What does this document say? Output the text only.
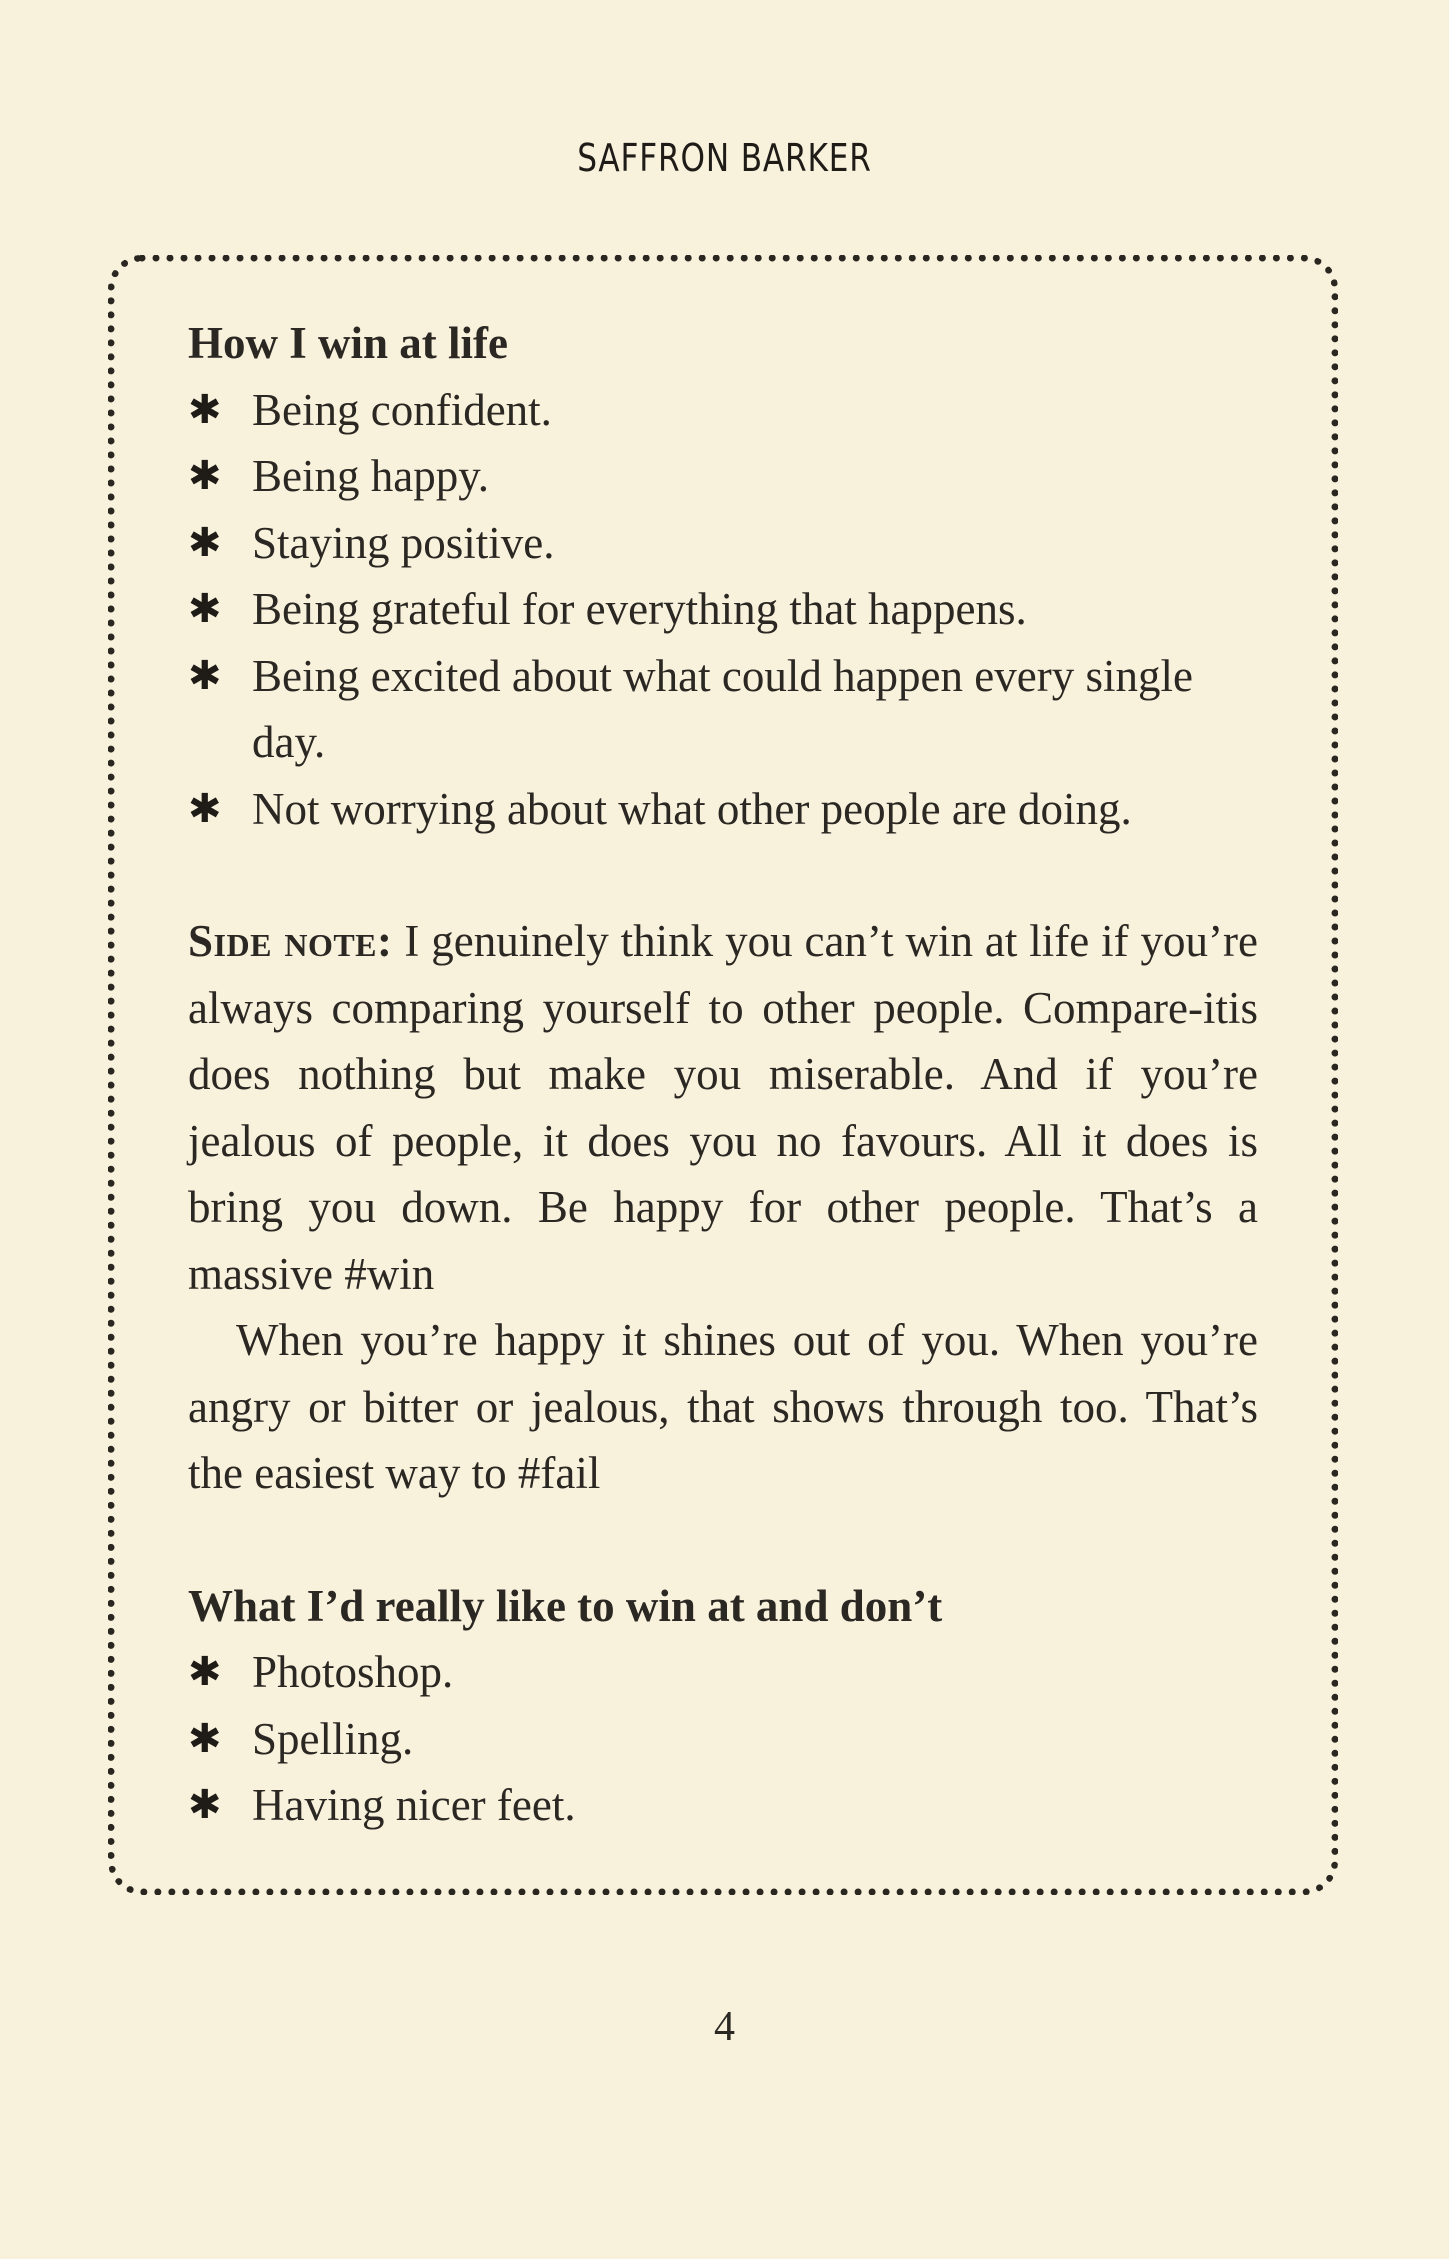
SAFFRON BARKER

How I win at life

✱ Being confident.
✱ Being happy.
✱ Staying positive.
✱ Being grateful for everything that happens.
✱ Being excited about what could happen every single day.
✱ Not worrying about what other people are doing.

Side note: I genuinely think you can’t win at life if you’re always comparing yourself to other people. Compare-itis does nothing but make you miserable. And if you’re jealous of people, it does you no favours. All it does is bring you down. Be happy for other people. That’s a massive #win

When you’re happy it shines out of you. When you’re angry or bitter or jealous, that shows through too. That’s the easiest way to #fail

What I’d really like to win at and don’t

✱ Photoshop.
✱ Spelling.
✱ Having nicer feet.
4
